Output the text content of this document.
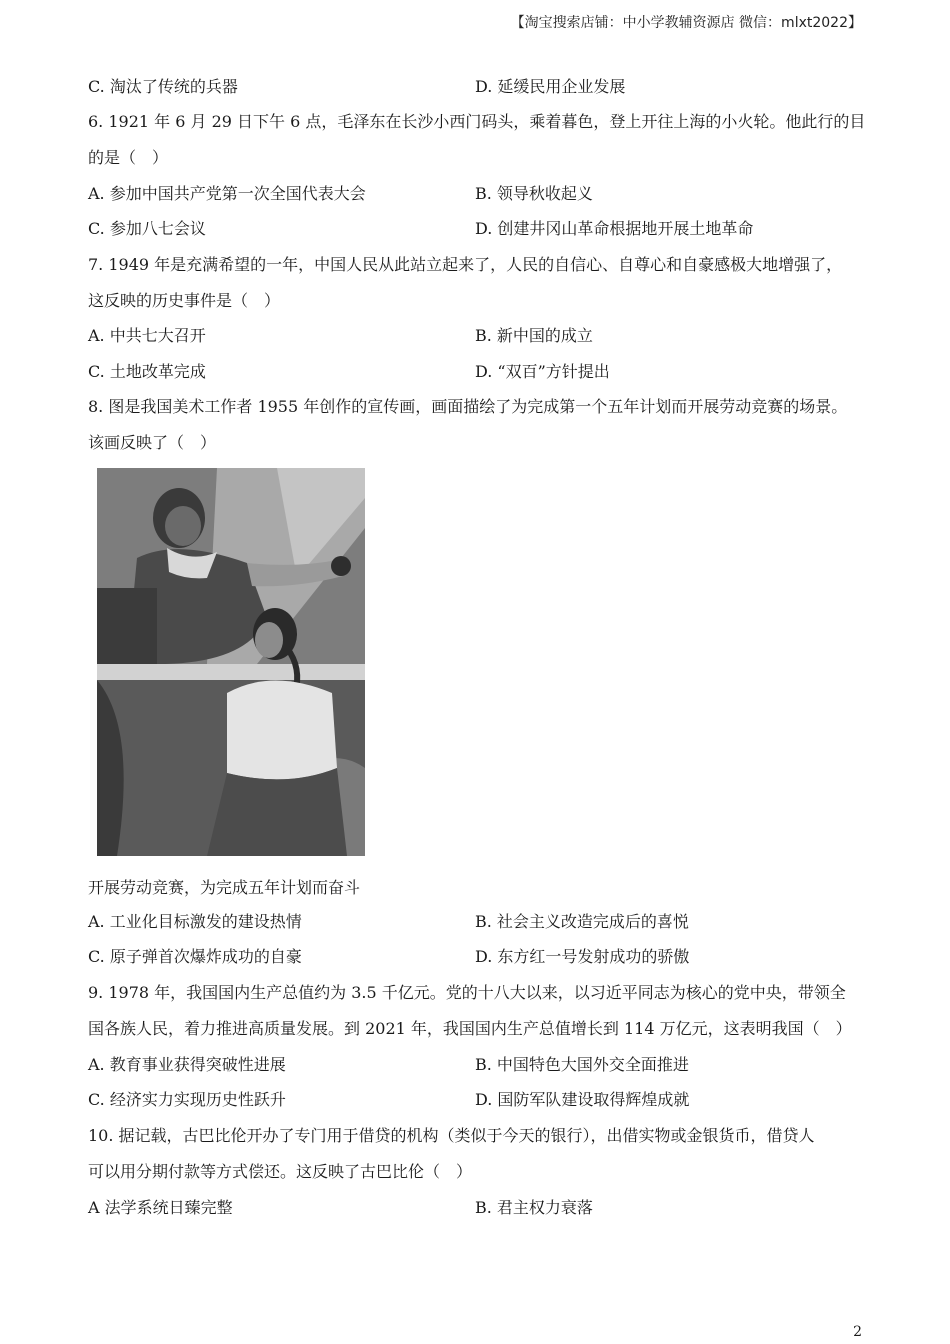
【淘宝搜索店铺：中小学教辅资源店 微信：mlxt2022】
C. 淘汰了传统的兵器	D. 延缓民用企业发展
6. 1921 年 6 月 29 日下午 6 点，毛泽东在长沙小西门码头，乘着暮色，登上开往上海的小火轮。他此行的目
的是（　）
A. 参加中国共产党第一次全国代表大会	B. 领导秋收起义
C. 参加八七会议	D. 创建井冈山革命根据地开展土地革命
7. 1949 年是充满希望的一年，中国人民从此站立起来了，人民的自信心、自尊心和自豪感极大地增强了，
这反映的历史事件是（　）
A. 中共七大召开	B. 新中国的成立
C. 土地改革完成	D. “双百”方针提出
8. 图是我国美术工作者 1955 年创作的宣传画，画面描绘了为完成第一个五年计划而开展劳动竞赛的场景。
该画反映了（　）
开展劳动竞赛，为完成五年计划而奋斗
A. 工业化目标激发的建设热情	B. 社会主义改造完成后的喜悦
C. 原子弹首次爆炸成功的自豪	D. 东方红一号发射成功的骄傲
9. 1978 年，我国国内生产总值约为 3.5 千亿元。党的十八大以来，以习近平同志为核心的党中央，带领全
国各族人民，着力推进高质量发展。到 2021 年，我国国内生产总值增长到 114 万亿元，这表明我国（　）
A. 教育事业获得突破性进展	B. 中国特色大国外交全面推进
C. 经济实力实现历史性跃升	D. 国防军队建设取得辉煌成就
10. 据记载，古巴比伦开办了专门用于借贷的机构（类似于今天的银行），出借实物或金银货币，借贷人
可以用分期付款等方式偿还。这反映了古巴比伦（　）
A 法学系统日臻完整	B. 君主权力衰落
2
